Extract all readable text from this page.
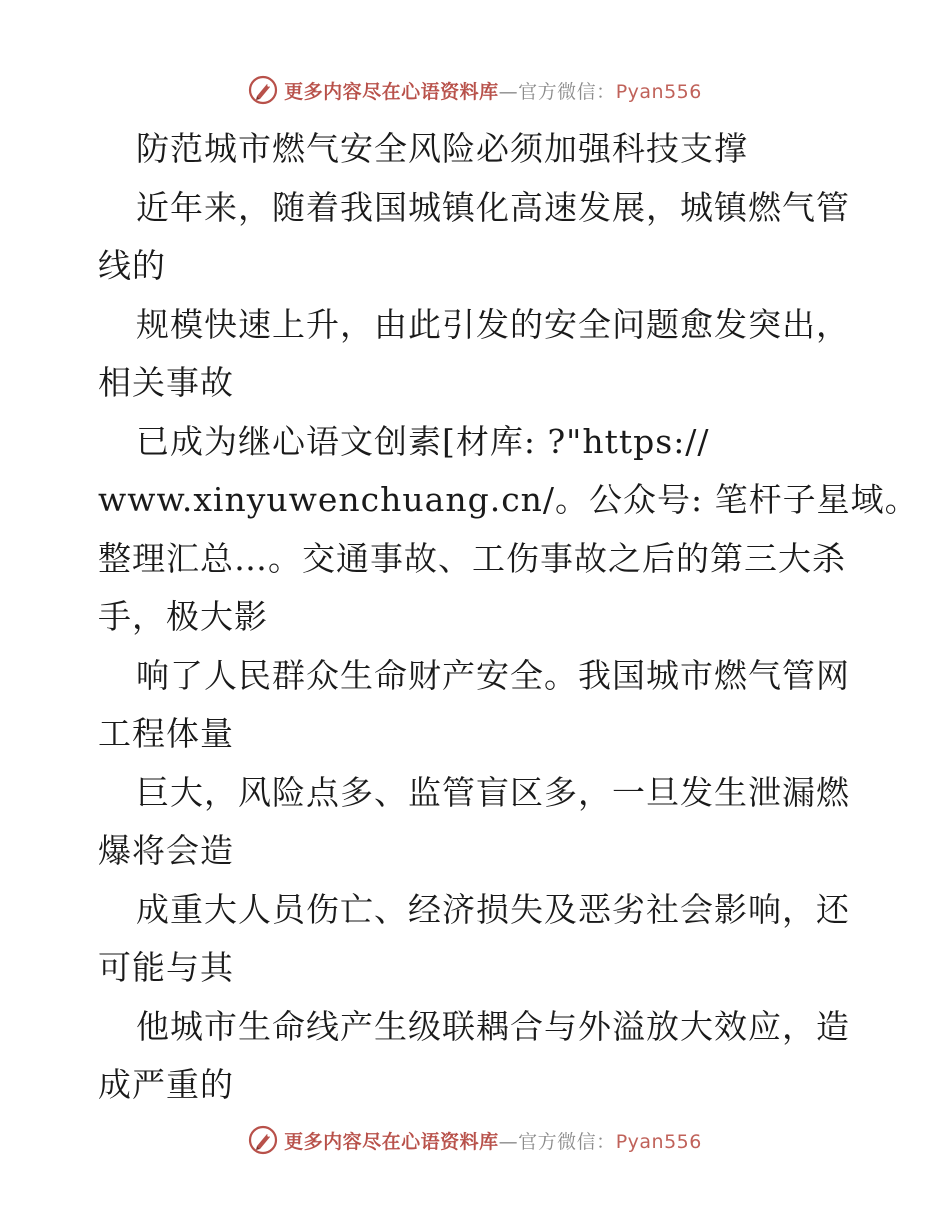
更多内容尽在心语资料库—官方微信：Pyan556
防范城市燃气安全风险必须加强科技支撑
近年来，随着我国城镇化高速发展，城镇燃气管
线的
规模快速上升，由此引发的安全问题愈发突出，
相关事故
已成为继心语文创素[材库: ?"https://
www.xinyuwenchuang.cn/。公众号: 笔杆子星域。
整理汇总…。交通事故、工伤事故之后的第三大杀
手，极大影
响了人民群众生命财产安全。我国城市燃气管网
工程体量
巨大，风险点多、监管盲区多，一旦发生泄漏燃
爆将会造
成重大人员伤亡、经济损失及恶劣社会影响，还
可能与其
他城市生命线产生级联耦合与外溢放大效应，造
成严重的
更多内容尽在心语资料库—官方微信：Pyan556
